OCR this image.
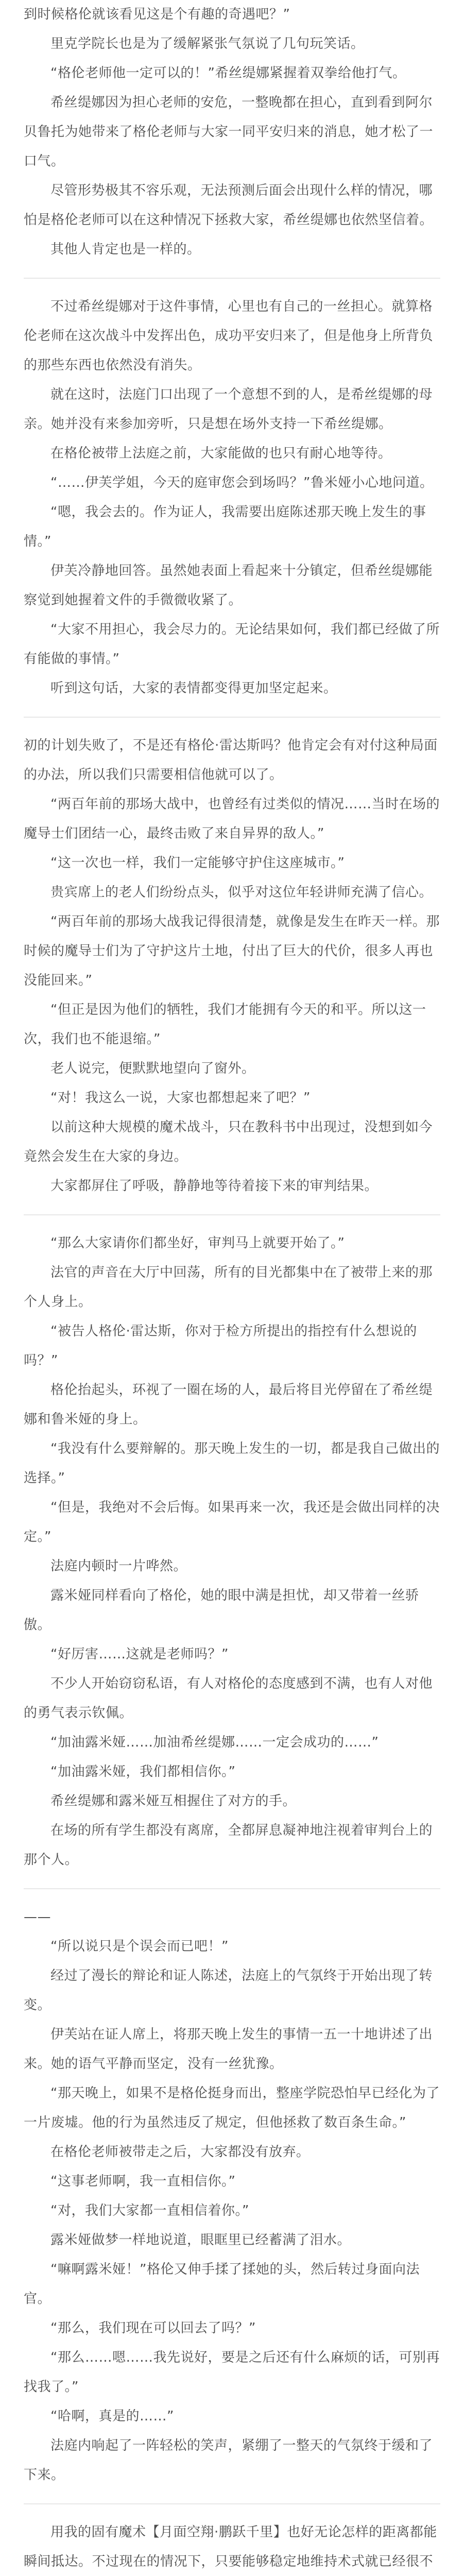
到时候格伦就该看见这是个有趣的奇遇吧？”

里克学院长也是为了缓解紧张气氛说了几句玩笑话。

“格伦老师他一定可以的！”希丝缇娜紧握着双拳给他打气。

希丝缇娜因为担心老师的安危，一整晚都在担心，直到看到阿尔贝鲁托为她带来了格伦老师与大家一同平安归来的消息，她才松了一口气。

尽管形势极其不容乐观，无法预测后面会出现什么样的情况，哪怕是格伦老师可以在这种情况下拯救大家，希丝缇娜也依然坚信着。

其他人肯定也是一样的。

不过希丝缇娜对于这件事情，心里也有自己的一丝担心。就算格伦老师在这次战斗中发挥出色，成功平安归来了，但是他身上所背负的那些东西也依然没有消失。

就在这时，法庭门口出现了一个意想不到的人，是希丝缇娜的母亲。她并没有来参加旁听，只是想在场外支持一下希丝缇娜。

在格伦被带上法庭之前，大家能做的也只有耐心地等待。

“……伊芙学姐，今天的庭审您会到场吗？”鲁米娅小心地问道。

“嗯，我会去的。作为证人，我需要出庭陈述那天晚上发生的事情。”

伊芙冷静地回答。虽然她表面上看起来十分镇定，但希丝缇娜能察觉到她握着文件的手微微收紧了。

“大家不用担心，我会尽力的。无论结果如何，我们都已经做了所有能做的事情。”

听到这句话，大家的表情都变得更加坚定起来。

初的计划失败了，不是还有格伦·雷达斯吗？他肯定会有对付这种局面的办法，所以我们只需要相信他就可以了。

“两百年前的那场大战中，也曾经有过类似的情况……当时在场的魔导士们团结一心，最终击败了来自异界的敌人。”

“这一次也一样，我们一定能够守护住这座城市。”

贵宾席上的老人们纷纷点头，似乎对这位年轻讲师充满了信心。

“两百年前的那场大战我记得很清楚，就像是发生在昨天一样。那时候的魔导士们为了守护这片土地，付出了巨大的代价，很多人再也没能回来。”

“但正是因为他们的牺牲，我们才能拥有今天的和平。所以这一次，我们也不能退缩。”

老人说完，便默默地望向了窗外。

“对！我这么一说，大家也都想起来了吧？”

以前这种大规模的魔术战斗，只在教科书中出现过，没想到如今竟然会发生在大家的身边。

大家都屏住了呼吸，静静地等待着接下来的审判结果。

“那么大家请你们都坐好，审判马上就要开始了。”

法官的声音在大厅中回荡，所有的目光都集中在了被带上来的那个人身上。

“被告人格伦·雷达斯，你对于检方所提出的指控有什么想说的吗？”

格伦抬起头，环视了一圈在场的人，最后将目光停留在了希丝缇娜和鲁米娅的身上。

“我没有什么要辩解的。那天晚上发生的一切，都是我自己做出的选择。”

“但是，我绝对不会后悔。如果再来一次，我还是会做出同样的决定。”

法庭内顿时一片哗然。

露米娅同样看向了格伦，她的眼中满是担忧，却又带着一丝骄傲。

“好厉害……这就是老师吗？”

不少人开始窃窃私语，有人对格伦的态度感到不满，也有人对他的勇气表示钦佩。

“加油露米娅……加油希丝缇娜……一定会成功的……”

“加油露米娅，我们都相信你。”

希丝缇娜和露米娅互相握住了对方的手。

在场的所有学生都没有离席，全都屏息凝神地注视着审判台上的那个人。

——

“所以说只是个误会而已吧！”

经过了漫长的辩论和证人陈述，法庭上的气氛终于开始出现了转变。

伊芙站在证人席上，将那天晚上发生的事情一五一十地讲述了出来。她的语气平静而坚定，没有一丝犹豫。

“那天晚上，如果不是格伦挺身而出，整座学院恐怕早已经化为了一片废墟。他的行为虽然违反了规定，但他拯救了数百条生命。”

在格伦老师被带走之后，大家都没有放弃。

“这事老师啊，我一直相信你。”

“对，我们大家都一直相信着你。”

露米娅做梦一样地说道，眼眶里已经蓄满了泪水。

“嘛啊露米娅！”格伦又伸手揉了揉她的头，然后转过身面向法官。

“那么，我们现在可以回去了吗？”

“那么……嗯……我先说好，要是之后还有什么麻烦的话，可别再找我了。”

“哈啊，真是的……”

法庭内响起了一阵轻松的笑声，紧绷了一整天的气氛终于缓和了下来。

用我的固有魔术【月面空翔·鹏跃千里】也好无论怎样的距离都能瞬间抵达。不过现在的情况下，只要能够稳定地维持术式就已经很不
